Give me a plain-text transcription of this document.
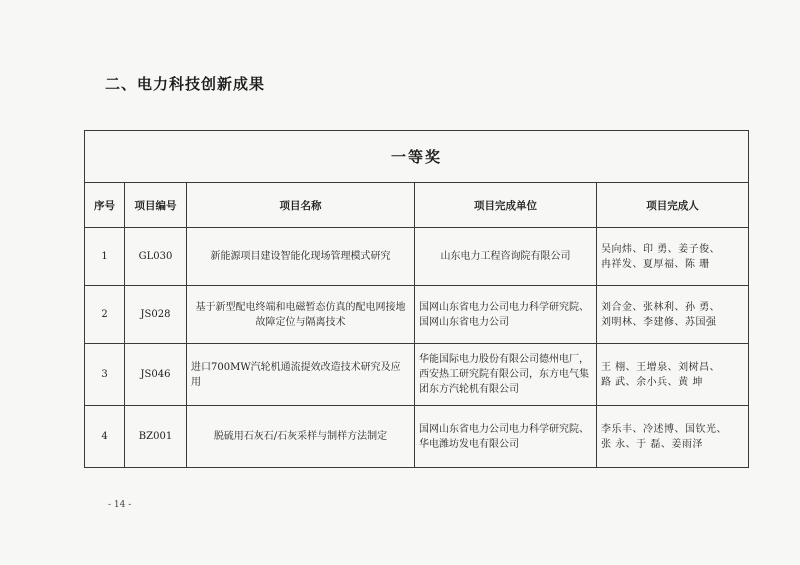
二、电力科技创新成果
一等奖				
序号	项目编号	项目名称	项目完成单位	项目完成人
1	GL030	新能源项目建设智能化现场管理模式研究	山东电力工程咨询院有限公司	吴向炜、印 勇、姜子俊、
冉祥发、夏厚福、陈 珊

2	JS028	基于新型配电终端和电磁暂态仿真的配电网接地故障定位与隔离技术	国网山东省电力公司电力科学研究院、国网山东省电力公司	刘合金、张林利、孙 勇、
刘明林、李建修、苏国强

3	JS046	进口700MW汽轮机通流提效改造技术研究及应用	华能国际电力股份有限公司德州电厂，西安热工研究院有限公司，东方电气集团东方汽轮机有限公司	王 栩、王增泉、刘树昌、
路 武、余小兵、黄 坤

4	BZ001	脱硫用石灰石/石灰采样与制样方法制定	国网山东省电力公司电力科学研究院、华电潍坊发电有限公司	李乐丰、冷述博、国钦光、
张 永、于 磊、姜雨泽
- 14 -
